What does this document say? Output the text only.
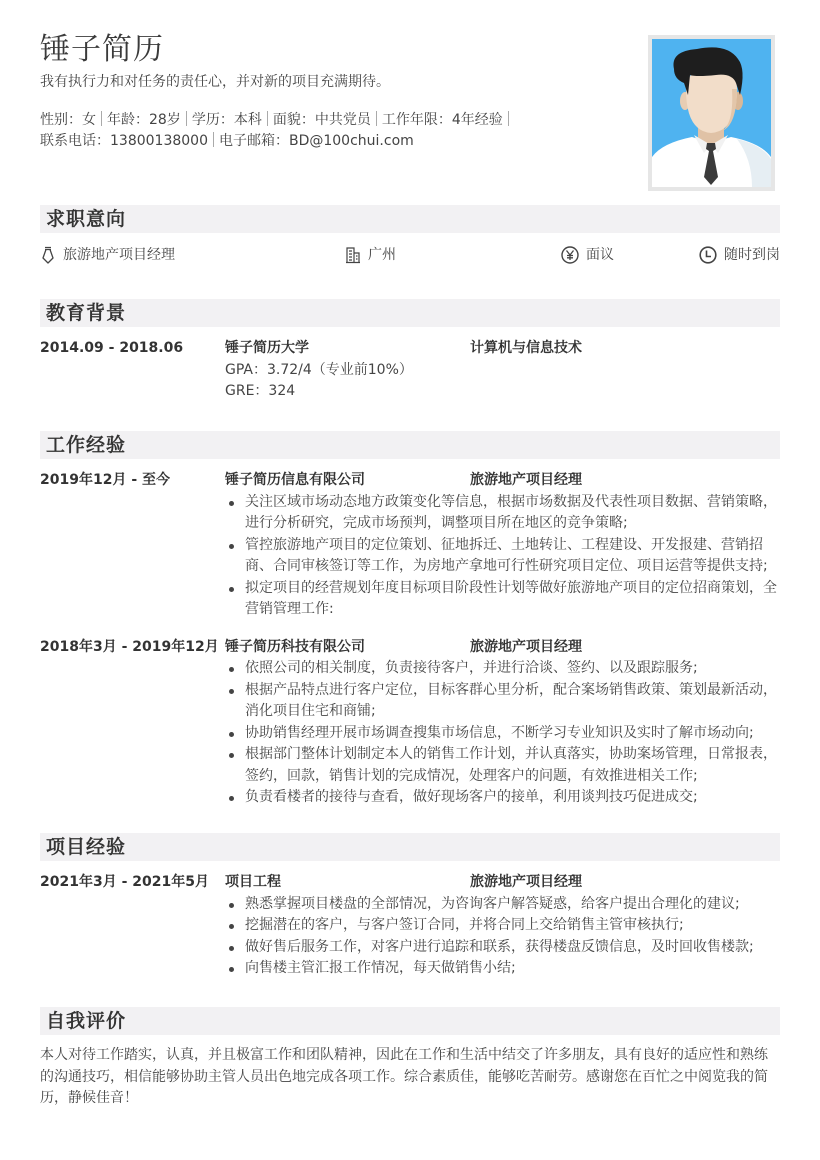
锤子简历
我有执行力和对任务的责任心，并对新的项目充满期待。
性别：女 年龄：28岁 学历：本科 面貌：中共党员 工作年限：4年经验
联系电话：13800138000 电子邮箱：BD@100chui.com
求职意向
旅游地产项目经理	广州	面议	随时到岗
教育背景
2014.09 - 2018.06	锤子简历大学	计算机与信息技术
GPA：3.72/4（专业前10%）
GRE：324
工作经验
2019年12月 - 至今	锤子简历信息有限公司	旅游地产项目经理
关注区域市场动态地方政策变化等信息，根据市场数据及代表性项目数据、营销策略，进行分析研究，完成市场预判，调整项目所在地区的竞争策略;
管控旅游地产项目的定位策划、征地拆迁、土地转让、工程建设、开发报建、营销招商、合同审核签订等工作，为房地产拿地可行性研究项目定位、项目运营等提供支持;
拟定项目的经营规划年度目标项目阶段性计划等做好旅游地产项目的定位招商策划，全营销管理工作:
2018年3月 - 2019年12月 锤子简历科技有限公司	旅游地产项目经理
依照公司的相关制度，负责接待客户，并进行洽谈、签约、以及跟踪服务;
根据产品特点进行客户定位，目标客群心里分析，配合案场销售政策、策划最新活动，消化项目住宅和商铺;
协助销售经理开展市场调查搜集市场信息，不断学习专业知识及实时了解市场动向;
根据部门整体计划制定本人的销售工作计划，并认真落实，协助案场管理，日常报表，签约，回款，销售计划的完成情况，处理客户的问题，有效推进相关工作;
负责看楼者的接待与查看，做好现场客户的接单，利用谈判技巧促进成交;
项目经验
2021年3月 - 2021年5月 项目工程	旅游地产项目经理
熟悉掌握项目楼盘的全部情况，为咨询客户解答疑惑，给客户提出合理化的建议;
挖掘潜在的客户，与客户签订合同，并将合同上交给销售主管审核执行;
做好售后服务工作，对客户进行追踪和联系，获得楼盘反馈信息，及时回收售楼款;
向售楼主管汇报工作情况，每天做销售小结;
自我评价
本人对待工作踏实，认真，并且极富工作和团队精神，因此在工作和生活中结交了许多朋友，具有良好的适应性和熟练的沟通技巧，相信能够协助主管人员出色地完成各项工作。综合素质佳，能够吃苦耐劳。感谢您在百忙之中阅览我的简历，静候佳音！
